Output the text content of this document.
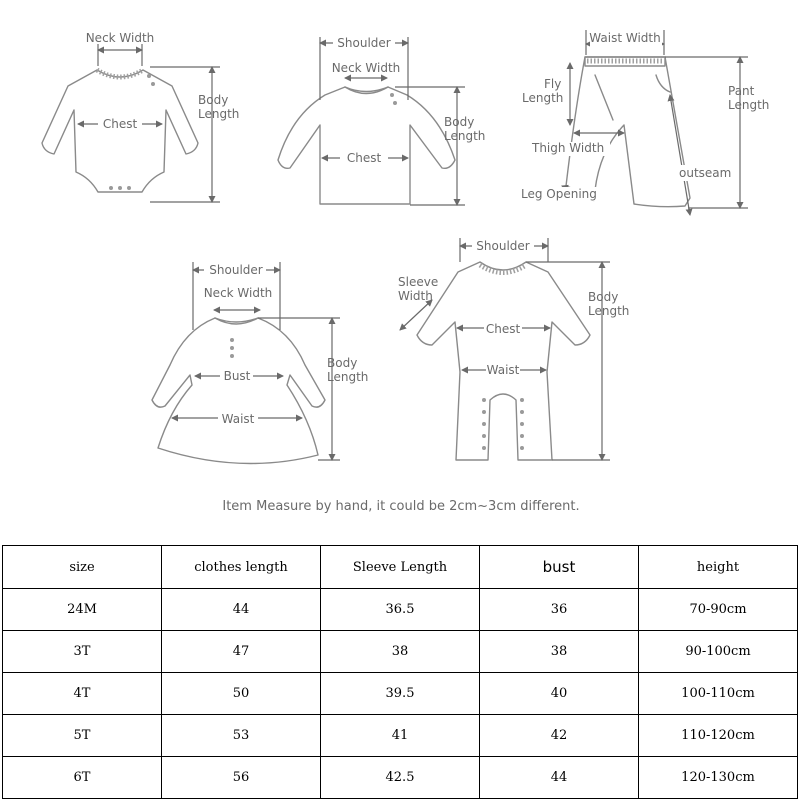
Neck Width
Chest
Body
Length
Shoulder
Neck Width
Chest
Body
Length
Waist Width
Fly
Length	Pant
Length
Thigh Width
outseam
Leg Opening
Shoulder
Neck Width
Bust
Waist
Body
Length
Shoulder
Sleeve
Width
Chest
Waist
Body
Length
Item Measure by hand, it could be 2cm~3cm different.
size	clothes length	Sleeve Length	bust	height
24M	44	36.5	36	70-90cm
3T	47	38	38	90-100cm
4T	50	39.5	40	100-110cm
5T	53	41	42	110-120cm
6T	56	42.5	44	120-130cm
